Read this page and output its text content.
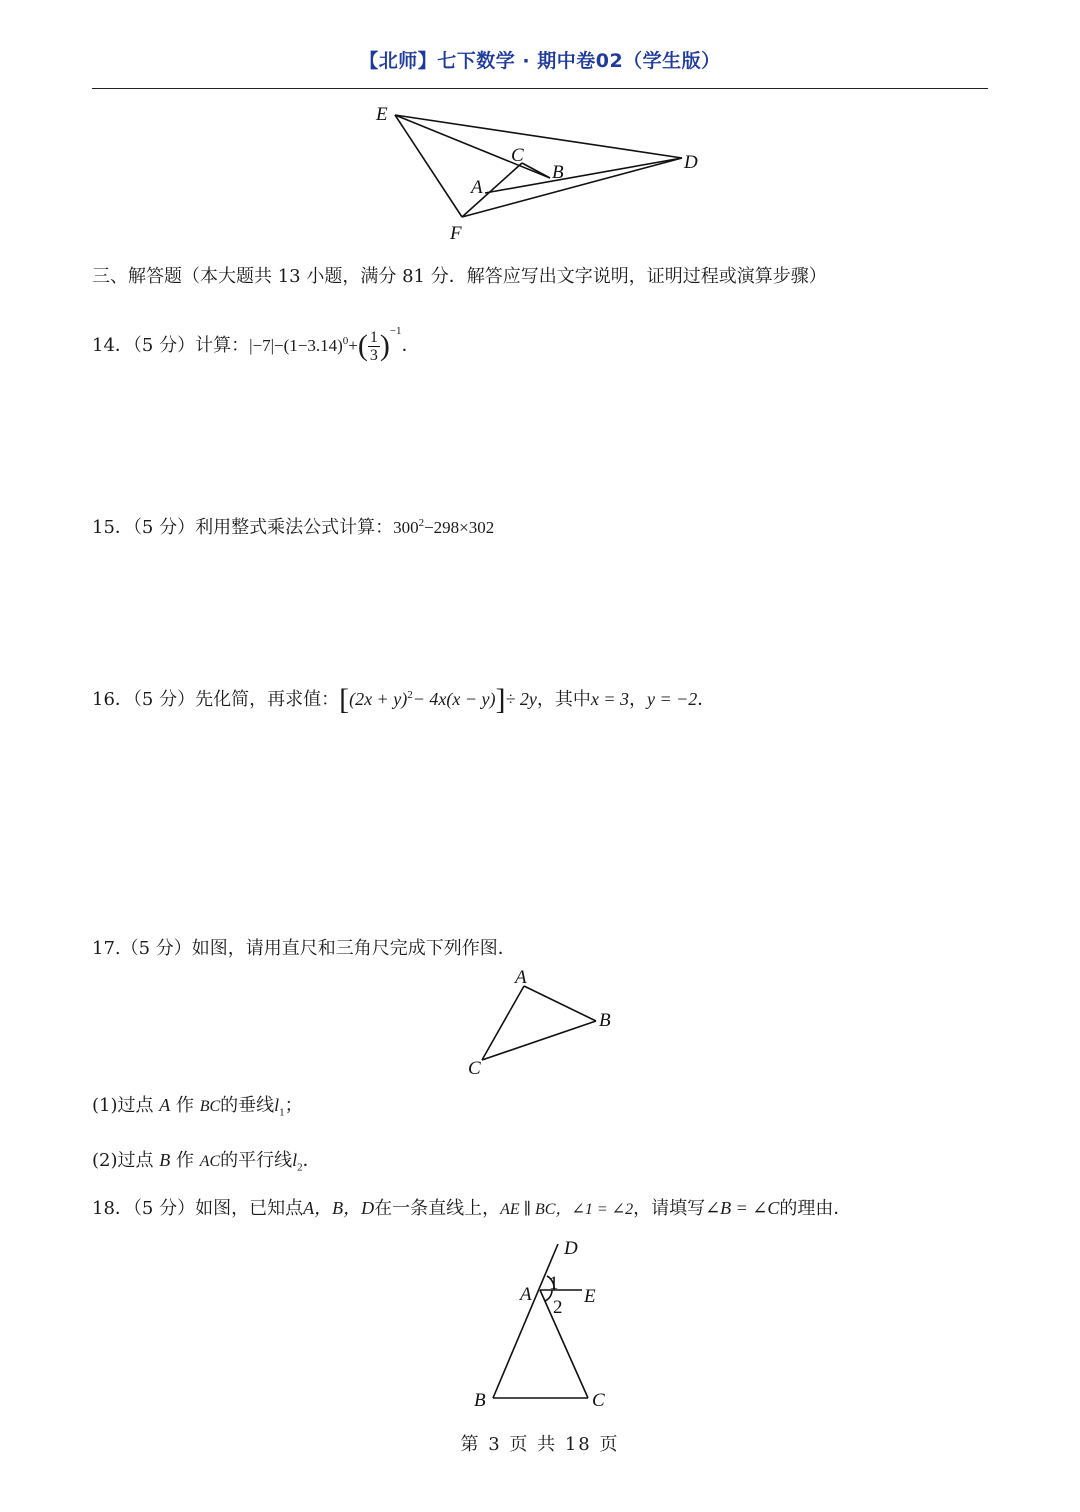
【北师】七下数学 · 期中卷02（学生版）
E
C
B	D
A
F
三、解答题（本大题共 13 小题，满分 81 分．解答应写出文字说明，证明过程或演算步骤）
14．（5 分）计算：$|-7|-(1-3.14)^0+( \frac{1}{3} )^{-1}$．
15．（5 分）利用整式乘法公式计算：$300^2-298\times 302$
16．（5 分）先化简，再求值：$[(2x + y)^2- 4x(x - y)]\div 2y$，其中x = 3，y = −2．
17.（5 分）如图，请用直尺和三角尺完成下列作图．
A
B
C
(1)过点 A 作 BC的垂线$l_1$；
(2)过点 B 作 AC的平行线$l_2$．
18．（5 分）如图，已知点A，B，D在一条直线上，AE ∥ BC，∠1 = ∠2，请填写∠B = ∠C的理由．
D
A
1
E
2
B	C
第 3 页 共 18 页
